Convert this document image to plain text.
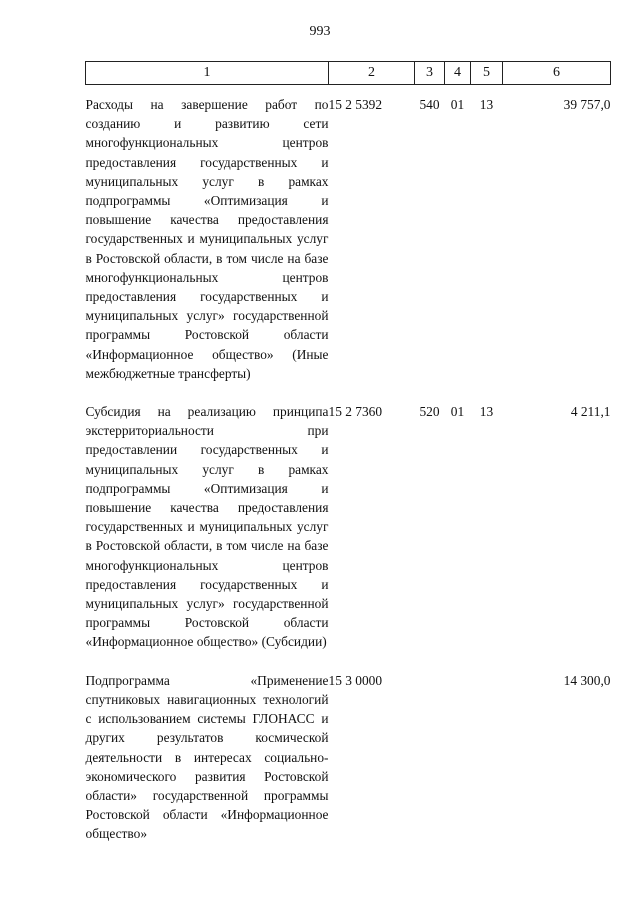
993
1	2	3	4	5	6
Расходы на завершение работ по созданию и развитию сети многофункциональных центров предоставления государственных и муниципальных услуг в рамках подпрограммы «Оптимизация и повышение качества предоставления государственных и муниципальных услуг в Ростовской области, в том числе на базе многофункциональных центров предоставления государственных и муниципальных услуг» государственной программы Ростовской области «Информационное общество» (Иные межбюджетные трансферты)	15 2 5392	540	01	13	39 757,0

Субсидия на реализацию принципа экстерриториальности при предоставлении государственных и муниципальных услуг в рамках подпрограммы «Оптимизация и повышение качества предоставления государственных и муниципальных услуг в Ростовской области, в том числе на базе многофункциональных центров предоставления государственных и муниципальных услуг» государственной программы Ростовской области «Информационное общество» (Субсидии)	15 2 7360	520	01	13	4 211,1

Подпрограмма «Применение спутниковых навигационных технологий с использованием системы ГЛОНАСС и других результатов космической деятельности в интересах социально-экономического развития Ростовской области» государственной программы Ростовской области «Информационное общество»	15 3 0000				14 300,0
